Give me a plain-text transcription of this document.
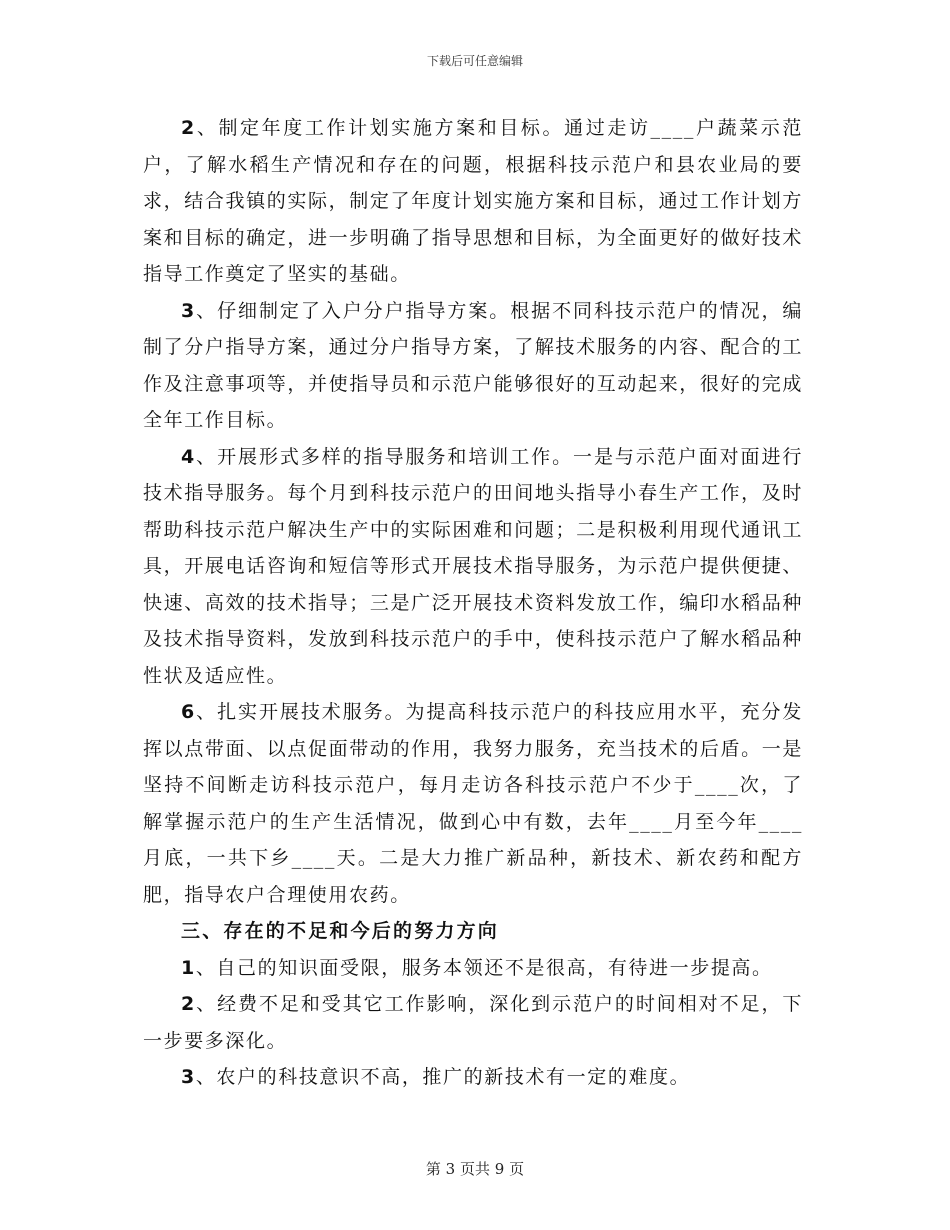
下载后可任意编辑

2、制定年度工作计划实施方案和目标。通过走访____户蔬菜示范户，了解水稻生产情况和存在的问题，根据科技示范户和县农业局的要求，结合我镇的实际，制定了年度计划实施方案和目标，通过工作计划方案和目标的确定，进一步明确了指导思想和目标，为全面更好的做好技术指导工作奠定了坚实的基础。

3、仔细制定了入户分户指导方案。根据不同科技示范户的情况，编制了分户指导方案，通过分户指导方案，了解技术服务的内容、配合的工作及注意事项等，并使指导员和示范户能够很好的互动起来，很好的完成全年工作目标。

4、开展形式多样的指导服务和培训工作。一是与示范户面对面进行技术指导服务。每个月到科技示范户的田间地头指导小春生产工作，及时帮助科技示范户解决生产中的实际困难和问题；二是积极利用现代通讯工具，开展电话咨询和短信等形式开展技术指导服务，为示范户提供便捷、快速、高效的技术指导；三是广泛开展技术资料发放工作，编印水稻品种及技术指导资料，发放到科技示范户的手中，使科技示范户了解水稻品种性状及适应性。

6、扎实开展技术服务。为提高科技示范户的科技应用水平，充分发挥以点带面、以点促面带动的作用，我努力服务，充当技术的后盾。一是坚持不间断走访科技示范户，每月走访各科技示范户不少于____次，了解掌握示范户的生产生活情况，做到心中有数，去年____月至今年____月底，一共下乡____天。二是大力推广新品种，新技术、新农药和配方肥，指导农户合理使用农药。

三、存在的不足和今后的努力方向

1、自己的知识面受限，服务本领还不是很高，有待进一步提高。

2、经费不足和受其它工作影响，深化到示范户的时间相对不足，下一步要多深化。

3、农户的科技意识不高，推广的新技术有一定的难度。

第 3 页共 9 页
